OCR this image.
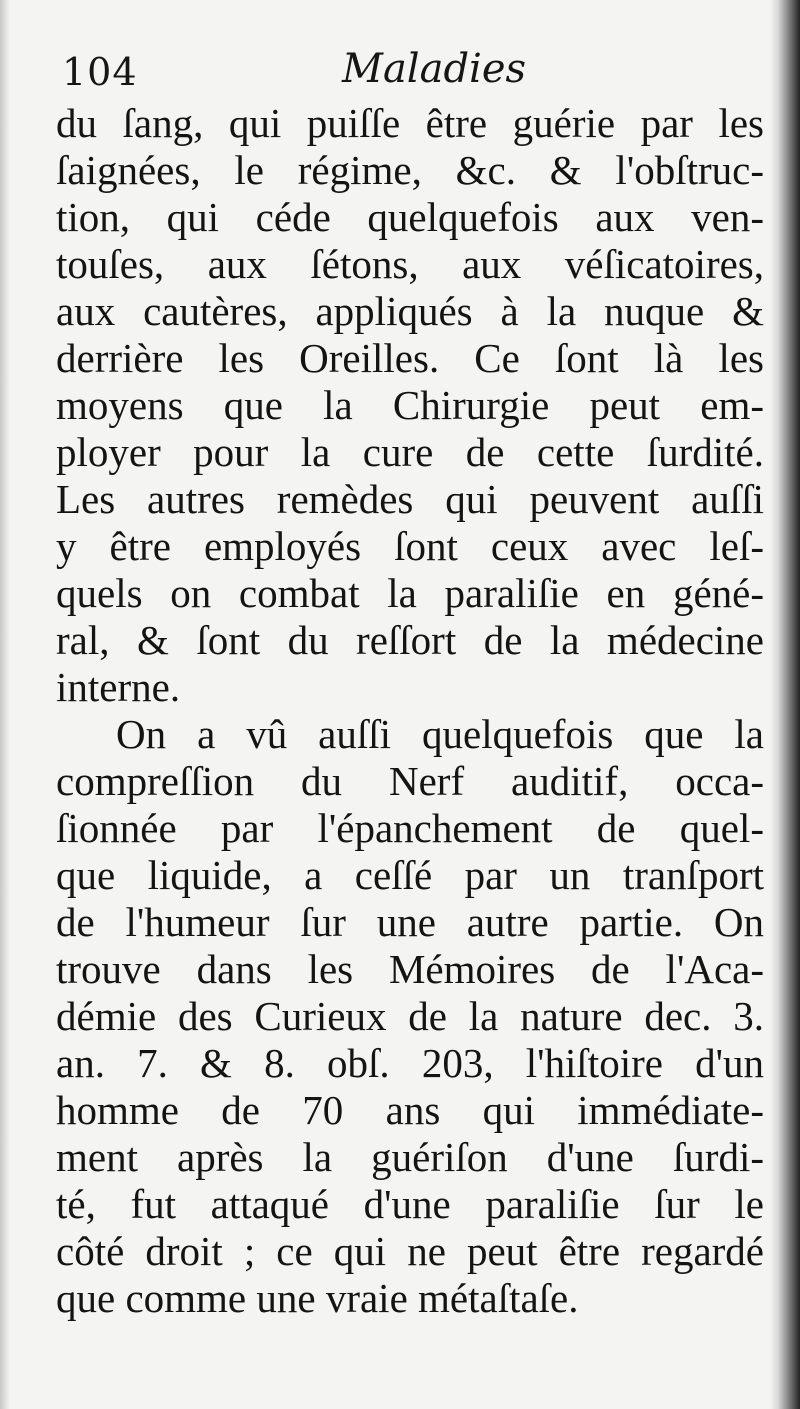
104	Maladies
du ſang, qui puiſſe être guérie par les
ſaignées, le régime, &c. & l'obſtruc-
tion, qui céde quelquefois aux ven-
touſes, aux ſétons, aux véſicatoires,
aux cautères, appliqués à la nuque &
derrière les Oreilles. Ce ſont là les
moyens que la Chirurgie peut em-
ployer pour la cure de cette ſurdité.
Les autres remèdes qui peuvent auſſi
y être employés ſont ceux avec leſ-
quels on combat la paraliſie en géné-
ral, & ſont du reſſort de la médecine
interne.
On a vû auſſi quelquefois que la
compreſſion du Nerf auditif, occa-
ſionnée par l'épanchement de quel-
que liquide, a ceſſé par un tranſport
de l'humeur ſur une autre partie. On
trouve dans les Mémoires de l'Aca-
démie des Curieux de la nature dec. 3.
an. 7. & 8. obſ. 203, l'hiſtoire d'un
homme de 70 ans qui immédiate-
ment après la guériſon d'une ſurdi-
té, fut attaqué d'une paraliſie ſur le
côté droit ; ce qui ne peut être regardé
que comme une vraie métaſtaſe.
